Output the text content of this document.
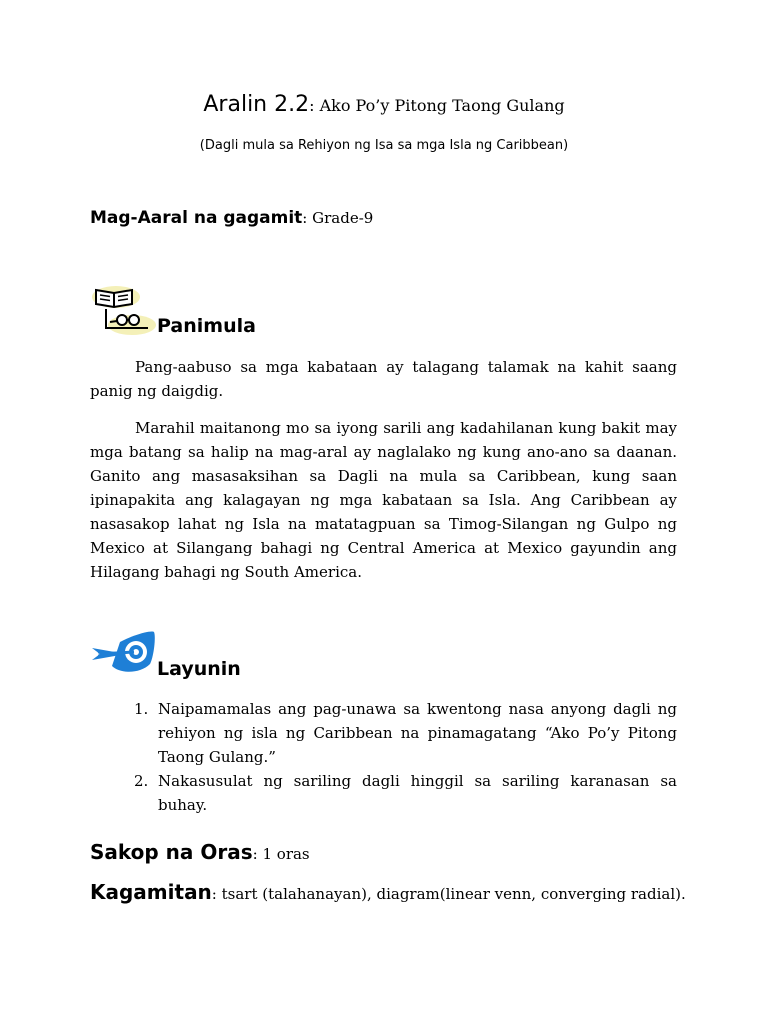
Aralin 2.2: Ako Po’y Pitong Taong Gulang
(Dagli mula sa Rehiyon ng Isa sa mga Isla ng Caribbean)
Mag-Aaral na gagamit: Grade-9
Panimula

Pang-aabuso sa mga kabataan ay talagang talamak na kahit saang panig ng daigdig.

Marahil maitanong mo sa iyong sarili ang kadahilanan kung bakit may mga batang sa halip na mag-aral ay naglalako ng kung ano-ano sa daanan. Ganito ang masasaksihan sa Dagli na mula sa Caribbean, kung saan ipinapakita ang kalagayan ng mga kabataan sa Isla. Ang Caribbean ay nasasakop lahat ng Isla na matatagpuan sa Timog-Silangan ng Gulpo ng Mexico at Silangang bahagi ng Central America at Mexico gayundin ang Hilagang bahagi ng South America.

Layunin
1. Naipamamalas ang pag-unawa sa kwentong nasa anyong dagli ng rehiyon ng isla ng Caribbean na pinamagatang “Ako Po’y Pitong Taong Gulang.”
2. Nakasusulat ng sariling dagli hinggil sa sariling karanasan sa buhay.
Sakop na Oras: 1 oras
Kagamitan: tsart (talahanayan), diagram(linear venn, converging radial).
